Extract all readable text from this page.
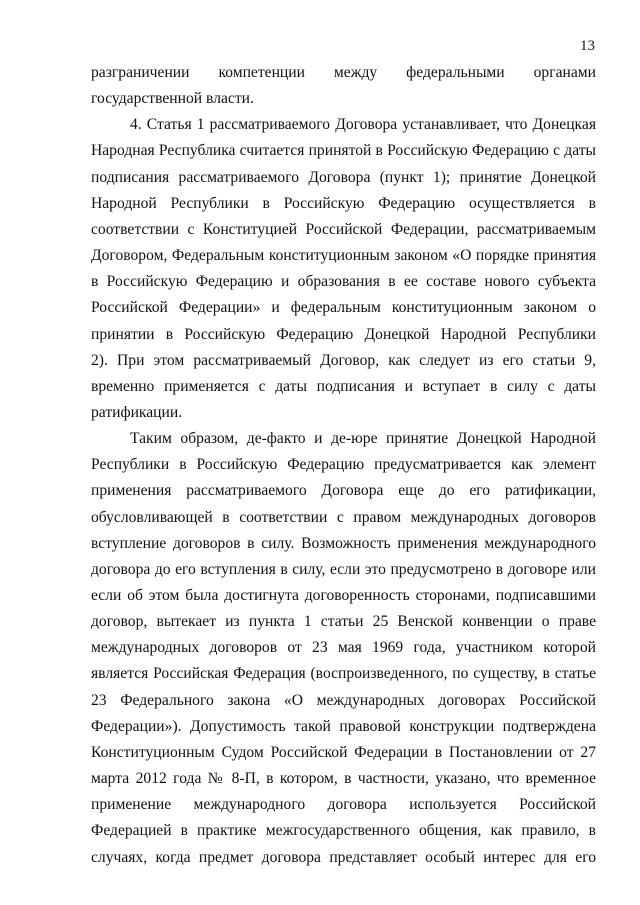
13
разграничении компетенции между федеральными органами
государственной власти.
4. Статья 1 рассматриваемого Договора устанавливает, что Донецкая
Народная Республика считается принятой в Российскую Федерацию с даты
подписания рассматриваемого Договора (пункт 1); принятие Донецкой
Народной Республики в Российскую Федерацию осуществляется в
соответствии с Конституцией Российской Федерации, рассматриваемым
Договором, Федеральным конституционным законом «О порядке принятия
в Российскую Федерацию и образования в ее составе нового субъекта
Российской Федерации» и федеральным конституционным законом о
принятии в Российскую Федерацию Донецкой Народной Республики
2). При этом рассматриваемый Договор, как следует из его статьи 9,
временно применяется с даты подписания и вступает в силу с даты
ратификации.
Таким образом, де-факто и де-юре принятие Донецкой Народной
Республики в Российскую Федерацию предусматривается как элемент
применения рассматриваемого Договора еще до его ратификации,
обусловливающей в соответствии с правом международных договоров
вступление договоров в силу. Возможность применения международного
договора до его вступления в силу, если это предусмотрено в договоре или
если об этом была достигнута договоренность сторонами, подписавшими
договор, вытекает из пункта 1 статьи 25 Венской конвенции о праве
международных договоров от 23 мая 1969 года, участником которой
является Российская Федерация (воспроизведенного, по существу, в статье
23 Федерального закона «О международных договорах Российской
Федерации»). Допустимость такой правовой конструкции подтверждена
Конституционным Судом Российской Федерации в Постановлении от 27
марта 2012 года № 8-П, в котором, в частности, указано, что временное
применение международного договора используется Российской
Федерацией в практике межгосударственного общения, как правило, в
случаях, когда предмет договора представляет особый интерес для его
